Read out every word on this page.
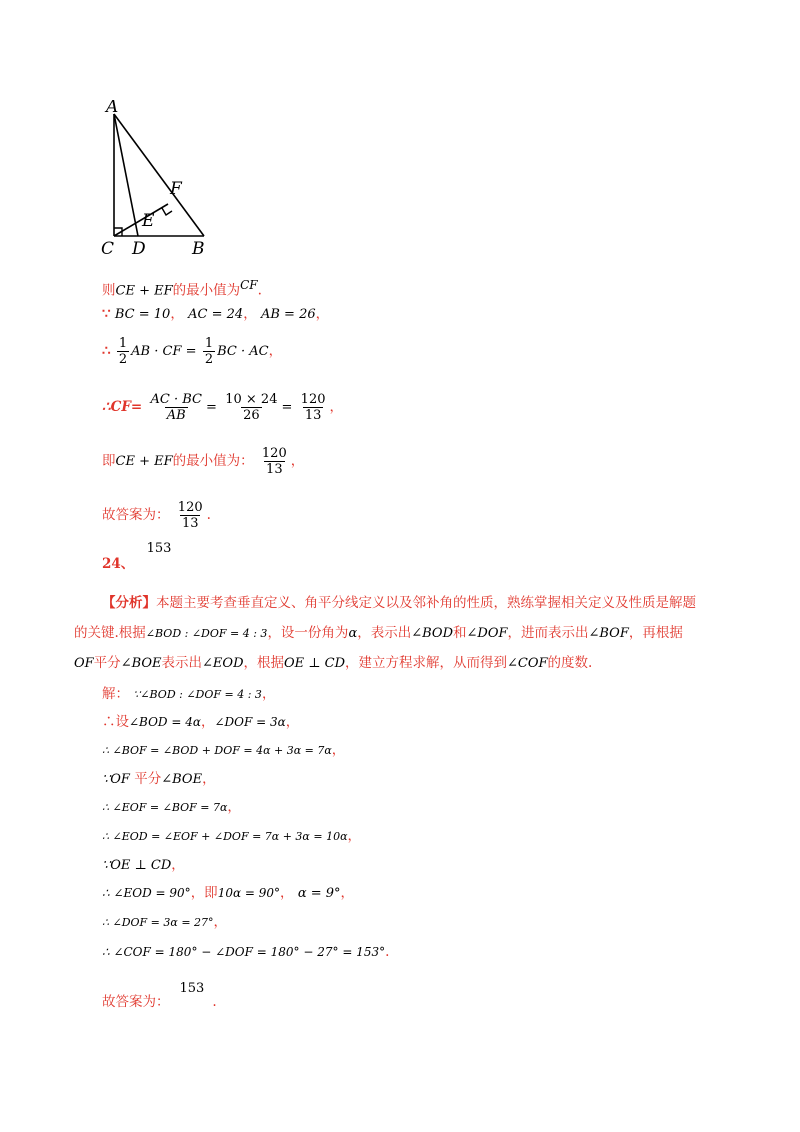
A
C D	B
E
F
则CE + EF的最小值为CF.
∵ BC = 10， AC = 24， AB = 26，
∴ $\frac{1}{2}$ AB · CF = $\frac{1}{2}$ BC · AC，
∴CF= $\frac{AC \cdot BC}{AB} = \frac{10 \times 24}{26} = \frac{120}{13}$ ，
即CE + EF的最小值为： $\frac{120}{13}$ ，
故答案为： $\frac{120}{13}$ .
24、 153
【分析】本题主要考查垂直定义、角平分线定义以及邻补角的性质，熟练掌握相关定义及性质是解题
的关键.根据∠BOD : ∠DOF = 4 : 3，设一份角为α，表示出∠BOD和∠DOF，进而表示出∠BOF，再根据
OF平分∠BOE表示出∠EOD，根据OE ⊥ CD，建立方程求解，从而得到∠COF的度数.
解： ∵∠BOD : ∠DOF = 4 : 3，
∴设∠BOD = 4α，∠DOF = 3α，
∴ ∠BOF = ∠BOD + DOF = 4α + 3α = 7α，
∵OF 平分∠BOE，
∴ ∠EOF = ∠BOF = 7α，
∴ ∠EOD = ∠EOF + ∠DOF = 7α + 3α = 10α，
∵OE ⊥ CD，
∴ ∠EOD = 90°，即10α = 90°， α = 9°，
∴ ∠DOF = 3α = 27°，
∴ ∠COF = 180° − ∠DOF = 180° − 27° = 153°.
故答案为：153.
